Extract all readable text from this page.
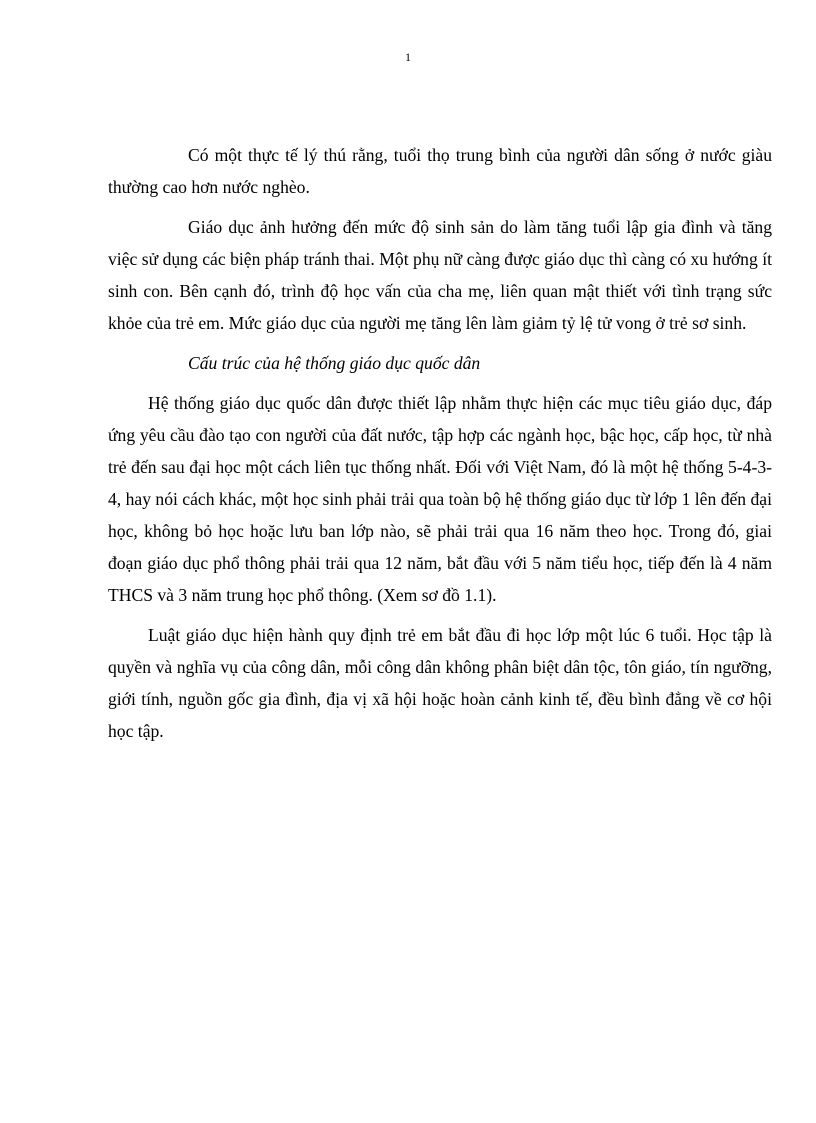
1

Có một thực tế lý thú rằng, tuổi thọ trung bình của người dân sống ở nước giàu thường cao hơn nước nghèo.

Giáo dục ảnh hưởng đến mức độ sinh sản do làm tăng tuổi lập gia đình và tăng việc sử dụng các biện pháp tránh thai. Một phụ nữ càng được giáo dục thì càng có xu hướng ít sinh con. Bên cạnh đó, trình độ học vấn của cha mẹ, liên quan mật thiết với tình trạng sức khỏe của trẻ em. Mức giáo dục của người mẹ tăng lên làm giảm tỷ lệ tử vong ở trẻ sơ sinh.

Cấu trúc của hệ thống giáo dục quốc dân

Hệ thống giáo dục quốc dân được thiết lập nhằm thực hiện các mục tiêu giáo dục, đáp ứng yêu cầu đào tạo con người của đất nước, tập hợp các ngành học, bậc học, cấp học, từ nhà trẻ đến sau đại học một cách liên tục thống nhất. Đối với Việt Nam, đó là một hệ thống 5-4-3-4, hay nói cách khác, một học sinh phải trải qua toàn bộ hệ thống giáo dục từ lớp 1 lên đến đại học, không bỏ học hoặc lưu ban lớp nào, sẽ phải trải qua 16 năm theo học. Trong đó, giai đoạn giáo dục phổ thông phải trải qua 12 năm, bắt đầu với 5 năm tiểu học, tiếp đến là 4 năm THCS và 3 năm trung học phổ thông. (Xem sơ đồ 1.1).

Luật giáo dục hiện hành quy định trẻ em bắt đầu đi học lớp một lúc 6 tuổi. Học tập là quyền và nghĩa vụ của công dân, mỗi công dân không phân biệt dân tộc, tôn giáo, tín ngưỡng, giới tính, nguồn gốc gia đình, địa vị xã hội hoặc hoàn cảnh kinh tế, đều bình đẳng về cơ hội học tập.
